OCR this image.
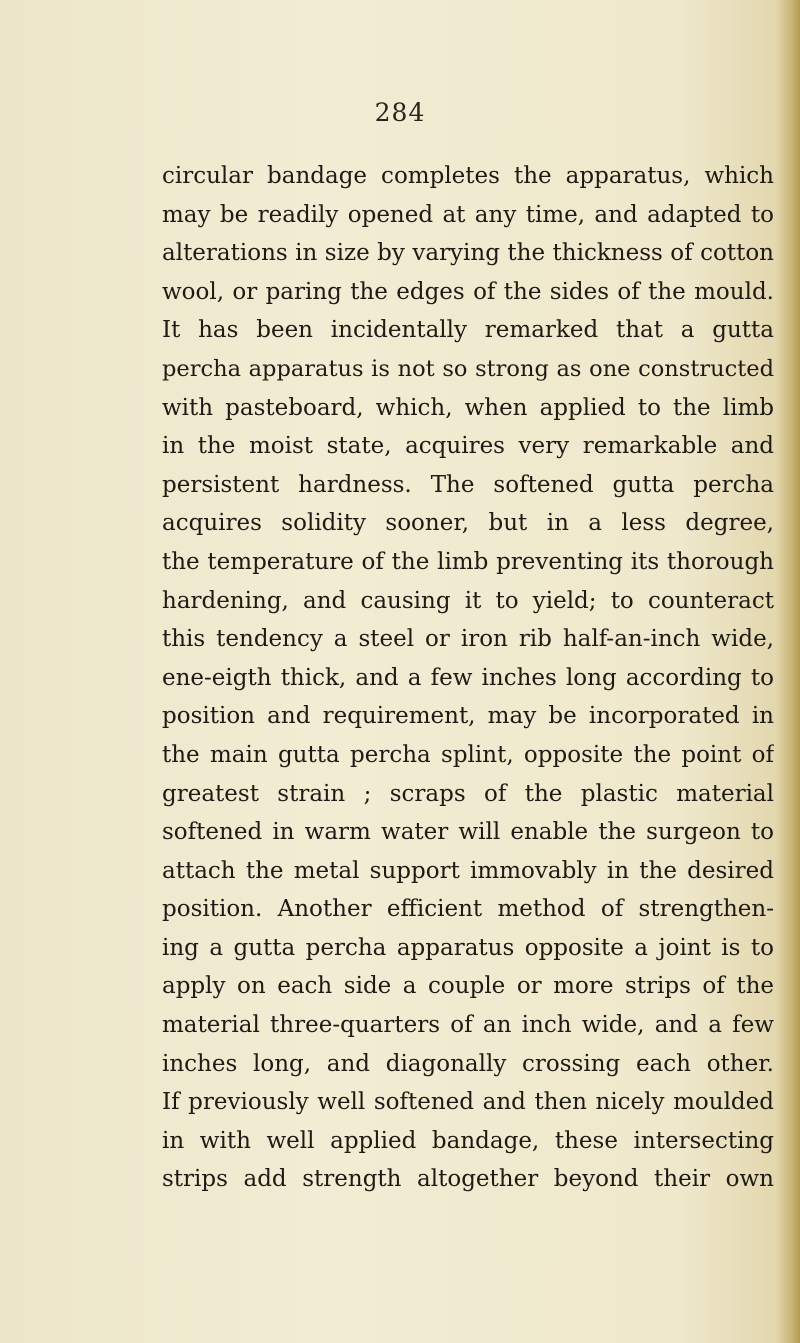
284
circular bandage completes the apparatus, which
may be readily opened at any time, and adapted to
alterations in size by varying the thickness of cotton
wool, or paring the edges of the sides of the mould.
It has been incidentally remarked that a gutta
percha apparatus is not so strong as one constructed
with pasteboard, which, when applied to the limb
in the moist state, acquires very remarkable and
persistent hardness. The softened gutta percha
acquires solidity sooner, but in a less degree,
the temperature of the limb preventing its thorough
hardening, and causing it to yield; to counteract
this tendency a steel or iron rib half-an-inch wide,
ene-eigth thick, and a few inches long according to
position and requirement, may be incorporated in
the main gutta percha splint, opposite the point of
greatest strain ; scraps of the plastic material
softened in warm water will enable the surgeon to
attach the metal support immovably in the desired
position. Another efficient method of strengthen-
ing a gutta percha apparatus opposite a joint is to
apply on each side a couple or more strips of the
material three-quarters of an inch wide, and a few
inches long, and diagonally crossing each other.
If previously well softened and then nicely moulded
in with well applied bandage, these intersecting
strips add strength altogether beyond their own
